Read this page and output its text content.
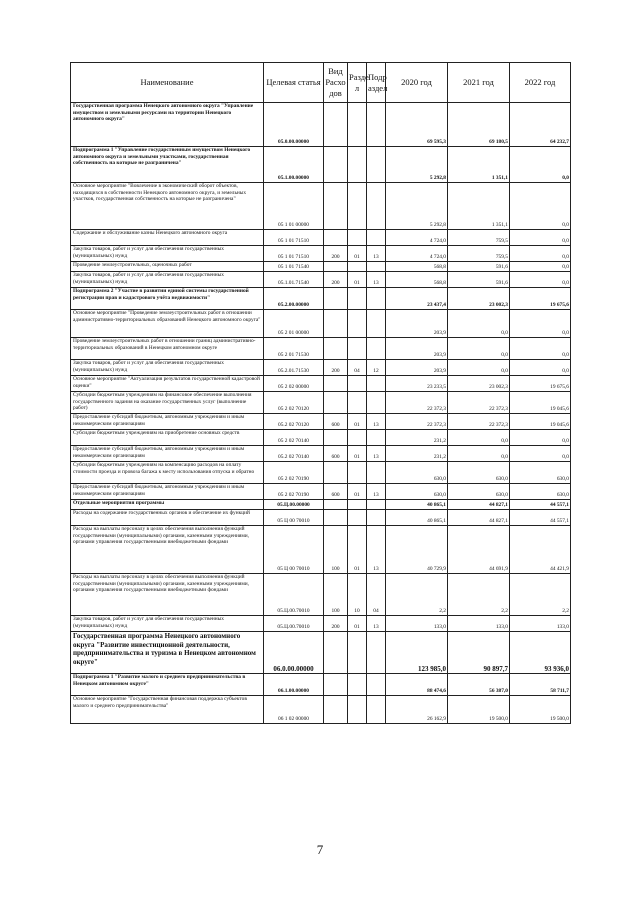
Наименование	Целевая статья	Вид Расхо дов	Разде л	Подр аздел	2020 год	2021 год	2022 год
Государственная программа Ненецкого автономного округа "Управление имуществом и земельными ресурсами на территории Ненецкого автономного округа"	05.0.00.00000				69 595,3	69 180,5	64 232,7
Подпрограмма 1 "Управление государственным имуществом Ненецкого автономного округа и земельными участками, государственная собственность на которые не разграничена"	05.1.00.00000				5 292,8	1 351,1	0,0
Основное мероприятие "Вовлечение в экономический оборот объектов, находящихся в собственности Ненецкого автономного округа, и земельных участков, государственная собственность на которые не разграничена"	05 1 01 00000				5 292,8	1 351,1	0,0
Содержание и обслуживание казны Ненецкого автономного округа	05 1 01 71510				4 724,0	759,5	0,0
Закупка товаров, работ и услуг для обеспечения государственных (муниципальных) нужд	05 1 01 71510	200	01	13	4 724,0	759,5	0,0
Проведение землеустроительных, оценочных работ	05 1 01 71540				568,8	591,6	0,0
Закупка товаров, работ и услуг для обеспечения государственных (муниципальных) нужд	05.1.01.71540	200	01	13	568,8	591,6	0,0
Подпрограмма 2 "Участие в развитии единой системы государственной регистрации прав и кадастрового учёта недвижимости"	05.2.00.00000				23 437,4	23 002,3	19 675,6
Основное мероприятие "Проведение землеустроительных работ в отношении административно-территориальных образований Ненецкого автономного округа"	05 2 01 00000				203,9	0,0	0,0
Проведение землеустроительных работ в отношении границ административно-территориальных образований в Ненецком автономном округе	05 2 01 71530				203,9	0,0	0,0
Закупка товаров, работ и услуг для обеспечения государственных (муниципальных) нужд	05.2.01.71530	200	04	12	203,9	0,0	0,0
Основное мероприятие "Актуализация результатов государственной кадастровой оценки"	05 2 02 00000				23 233,5	23 002,3	19 675,6
Субсидии бюджетным учреждениям на финансовое обеспечение выполнения государственного задания на оказание государственных услуг (выполнение работ)	05 2 02 70120				22 372,3	22 372,3	19 045,6
Предоставление субсидий бюджетным, автономным учреждениям и иным некоммерческим организациям	05.2 02 70120	600	01	13	22 372,3	22 372,3	19 045,6
Субсидии бюджетным учреждениям на приобретение основных средств	05 2 02 70140				231,2	0,0	0,0
Предоставление субсидий бюджетным, автономным учреждениям и иным некоммерческим организациям	05.2 02 70140	600	01	13	231,2	0,0	0,0
Субсидии бюджетным учреждениям на компенсацию расходов на оплату стоимости проезда и провоза багажа к месту использования отпуска и обратно	05 2 02 70190				630,0	630,0	630,0
Предоставление субсидий бюджетным, автономным учреждениям и иным некоммерческим организациям	05 2 02 70190	600	01	13	630,0	630,0	630,0
Отдельные мероприятия программы	05.Ц.00.00000				40 865,1	44 827,1	44 557,1
Расходы на содержание государственных органов и обеспечение их функций	05 Ц 00 70010				40 865,1	44 827,1	44 557,1
Расходы на выплаты персоналу в целях обеспечения выполнения функций государственными (муниципальными) органами, казенными учреждениями, органами управления государственными внебюджетными фондами	05 Ц 00 70010	100	01	13	40 729,9	44 691,9	44 421,9
Расходы на выплаты персоналу в целях обеспечения выполнения функций государственными (муниципальными) органами, казенными учреждениями, органами управления государственными внебюджетными фондами	05.Ц.00.70010	100	10	04	2,2	2,2	2,2
Закупка товаров, работ и услуг для обеспечения государственных (муниципальных) нужд	05.Ц.00.70010	200	01	13	133,0	133,0	133,0
Государственная программа Ненецкого автономного округа "Развитие инвестиционной деятельности, предпринимательства и туризма в Ненецком автономном округе"	06.0.00.00000				123 985,0	90 897,7	93 936,0
Подпрограмма 1 "Развитие малого и среднего предпринимательства в Ненецком автономном округе"	06.1.00.00000				88 474,6	56 387,0	58 711,7
Основное мероприятие "Государственная финансовая поддержка субъектов малого и среднего предпринимательства"	06 1 02 00000				26 162,9	19 500,0	19 500,0
7
